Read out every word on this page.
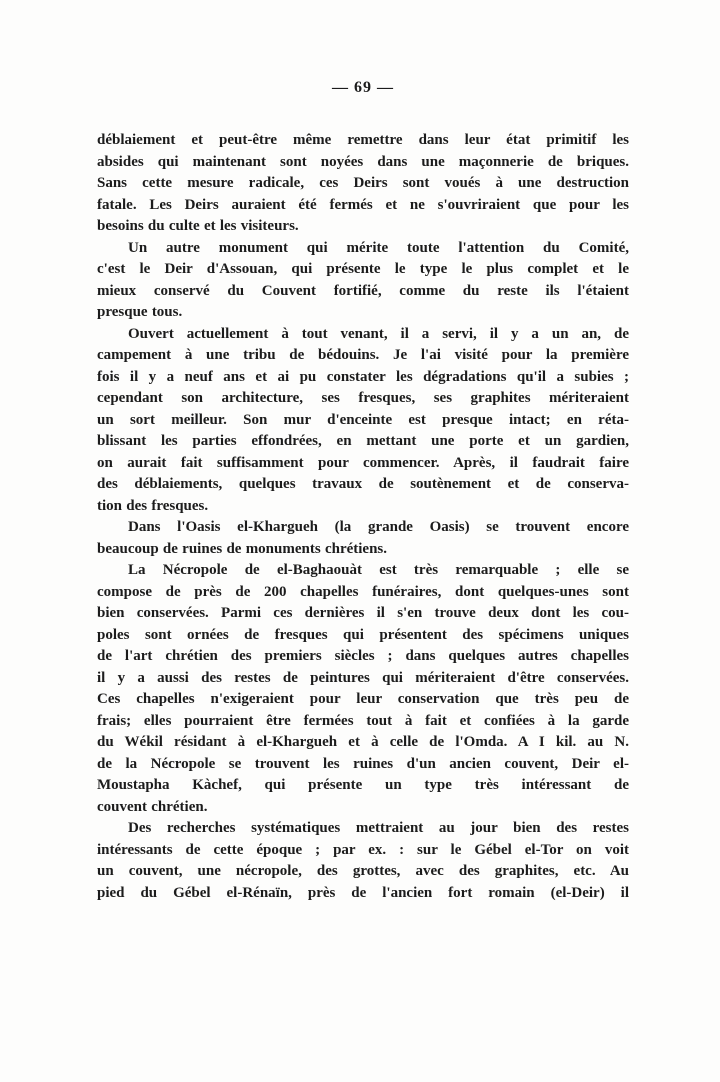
— 69 —
déblaiement et peut-être même remettre dans leur état primitif les
absides qui maintenant sont noyées dans une maçonnerie de briques.
Sans cette mesure radicale, ces Deirs sont voués à une destruction
fatale. Les Deirs auraient été fermés et ne s'ouvriraient que pour les
besoins du culte et les visiteurs.
Un autre monument qui mérite toute l'attention du Comité,
c'est le Deir d'Assouan, qui présente le type le plus complet et le
mieux conservé du Couvent fortifié, comme du reste ils l'étaient
presque tous.
Ouvert actuellement à tout venant, il a servi, il y a un an, de
campement à une tribu de bédouins. Je l'ai visité pour la première
fois il y a neuf ans et ai pu constater les dégradations qu'il a subies ;
cependant son architecture, ses fresques, ses graphites mériteraient
un sort meilleur. Son mur d'enceinte est presque intact; en réta-
blissant les parties effondrées, en mettant une porte et un gardien,
on aurait fait suffisamment pour commencer. Après, il faudrait faire
des déblaiements, quelques travaux de soutènement et de conserva-
tion des fresques.
Dans l'Oasis el-Khargueh (la grande Oasis) se trouvent encore
beaucoup de ruines de monuments chrétiens.
La Nécropole de el-Baghaouàt est très remarquable ; elle se
compose de près de 200 chapelles funéraires, dont quelques-unes sont
bien conservées. Parmi ces dernières il s'en trouve deux dont les cou-
poles sont ornées de fresques qui présentent des spécimens uniques
de l'art chrétien des premiers siècles ; dans quelques autres chapelles
il y a aussi des restes de peintures qui mériteraient d'être conservées.
Ces chapelles n'exigeraient pour leur conservation que très peu de
frais; elles pourraient être fermées tout à fait et confiées à la garde
du Wékil résidant à el-Khargueh et à celle de l'Omda. A I kil. au N.
de la Nécropole se trouvent les ruines d'un ancien couvent, Deir el-
Moustapha Kàchef, qui présente un type très intéressant de
couvent chrétien.
Des recherches systématiques mettraient au jour bien des restes
intéressants de cette époque ; par ex. : sur le Gébel el-Tor on voit
un couvent, une nécropole, des grottes, avec des graphites, etc. Au
pied du Gébel el-Rénaïn, près de l'ancien fort romain (el-Deir) il
